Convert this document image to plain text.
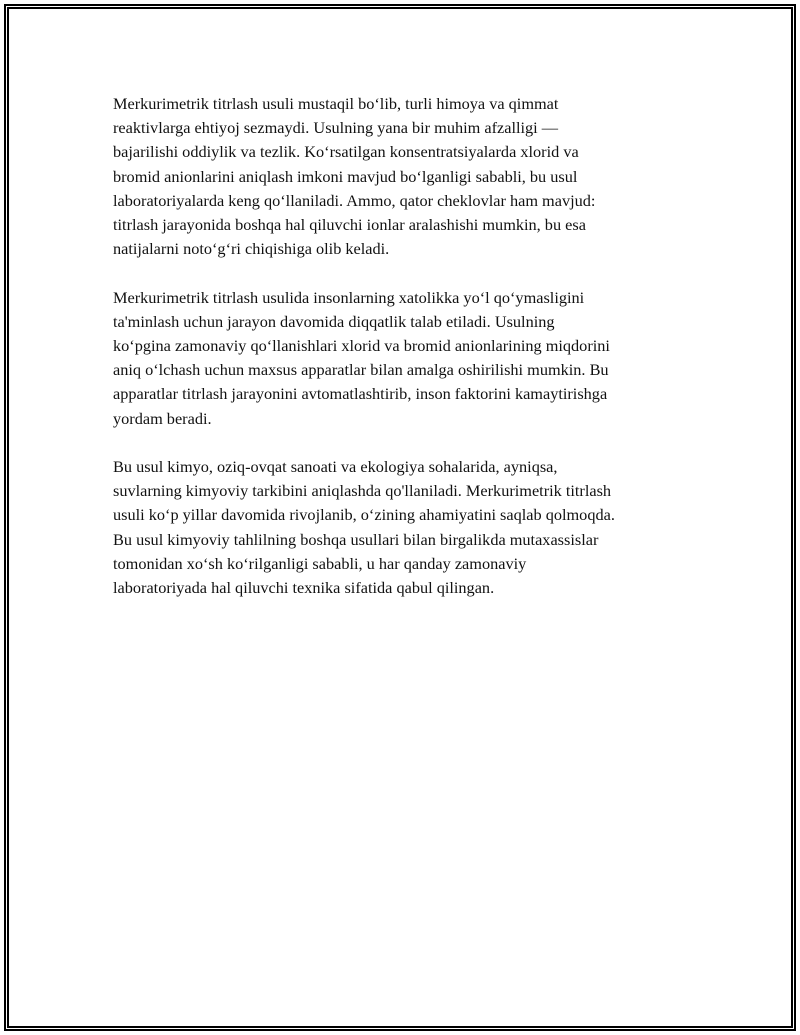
Merkurimetrik titrlash usuli mustaqil bo‘lib, turli himoya va qimmat
reaktivlarga ehtiyoj sezmaydi. Usulning yana bir muhim afzalligi —
bajarilishi oddiylik va tezlik. Ko‘rsatilgan konsentratsiyalarda xlorid va
bromid anionlarini aniqlash imkoni mavjud bo‘lganligi sababli, bu usul
laboratoriyalarda keng qo‘llaniladi. Ammo, qator cheklovlar ham mavjud:
titrlash jarayonida boshqa hal qiluvchi ionlar aralashishi mumkin, bu esa
natijalarni noto‘g‘ri chiqishiga olib keladi.

Merkurimetrik titrlash usulida insonlarning xatolikka yo‘l qo‘ymasligini
ta'minlash uchun jarayon davomida diqqatlik talab etiladi. Usulning
ko‘pgina zamonaviy qo‘llanishlari xlorid va bromid anionlarining miqdorini
aniq o‘lchash uchun maxsus apparatlar bilan amalga oshirilishi mumkin. Bu
apparatlar titrlash jarayonini avtomatlashtirib, inson faktorini kamaytirishga
yordam beradi.

Bu usul kimyo, oziq-ovqat sanoati va ekologiya sohalarida, ayniqsa,
suvlarning kimyoviy tarkibini aniqlashda qo'llaniladi. Merkurimetrik titrlash
usuli ko‘p yillar davomida rivojlanib, o‘zining ahamiyatini saqlab qolmoqda.
Bu usul kimyoviy tahlilning boshqa usullari bilan birgalikda mutaxassislar
tomonidan xo‘sh ko‘rilganligi sababli, u har qanday zamonaviy
laboratoriyada hal qiluvchi texnika sifatida qabul qilingan.
